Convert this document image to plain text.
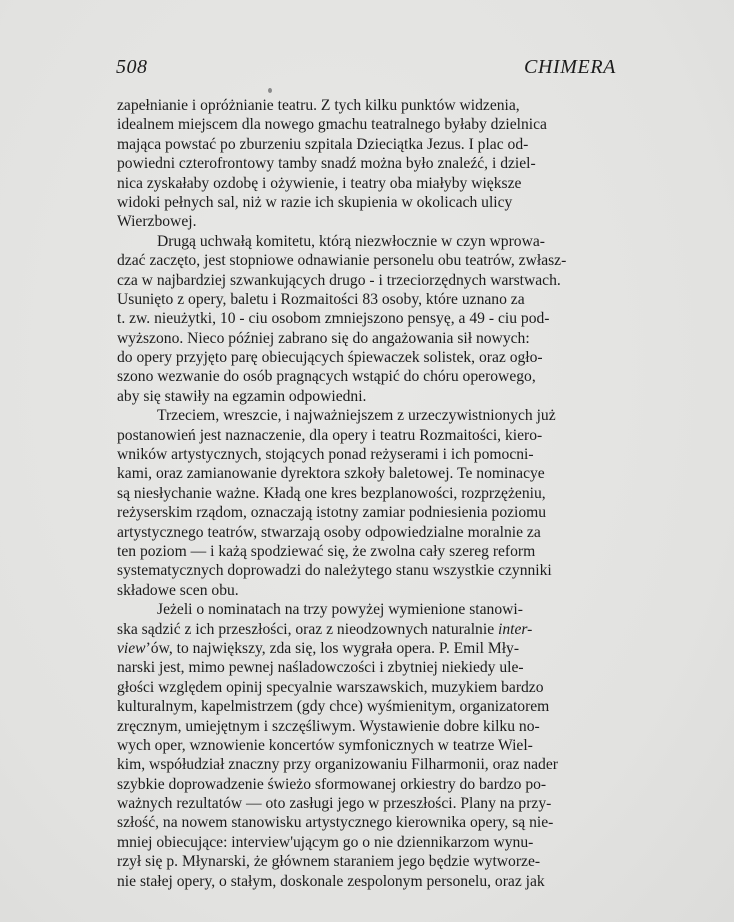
508	CHIMERA
zapełnianie i opróżnianie teatru. Z tych kilku punktów widzenia,
idealnem miejscem dla nowego gmachu teatralnego byłaby dzielnica
mająca powstać po zburzeniu szpitala Dzieciątka Jezus. I plac od-
powiedni czterofrontowy tamby snadź można było znaleźć, i dziel-
nica zyskałaby ozdobę i ożywienie, i teatry oba miałyby większe
widoki pełnych sal, niż w razie ich skupienia w okolicach ulicy
Wierzbowej.
Drugą uchwałą komitetu, którą niezwłocznie w czyn wprowa-
dzać zaczęto, jest stopniowe odnawianie personelu obu teatrów, zwłasz-
cza w najbardziej szwankujących drugo - i trzeciorzędnych warstwach.
Usunięto z opery, baletu i Rozmaitości 83 osoby, które uznano za
t. zw. nieużytki, 10 - ciu osobom zmniejszono pensyę, a 49 - ciu pod-
wyższono. Nieco później zabrano się do angażowania sił nowych:
do opery przyjęto parę obiecujących śpiewaczek solistek, oraz ogło-
szono wezwanie do osób pragnących wstąpić do chóru operowego,
aby się stawiły na egzamin odpowiedni.
Trzeciem, wreszcie, i najważniejszem z urzeczywistnionych już
postanowień jest naznaczenie, dla opery i teatru Rozmaitości, kiero-
wników artystycznych, stojących ponad reżyserami i ich pomocni-
kami, oraz zamianowanie dyrektora szkoły baletowej. Te nominacye
są niesłychanie ważne. Kładą one kres bezplanowości, rozprzężeniu,
reżyserskim rządom, oznaczają istotny zamiar podniesienia poziomu
artystycznego teatrów, stwarzają osoby odpowiedzialne moralnie za
ten poziom — i każą spodziewać się, że zwolna cały szereg reform
systematycznych doprowadzi do należytego stanu wszystkie czynniki
składowe scen obu.
Jeżeli o nominatach na trzy powyżej wymienione stanowi-
ska sądzić z ich przeszłości, oraz z nieodzownych naturalnie inter-
view’ów, to największy, zda się, los wygrała opera. P. Emil Mły-
narski jest, mimo pewnej naśladowczości i zbytniej niekiedy ule-
głości względem opinij specyalnie warszawskich, muzykiem bardzo
kulturalnym, kapelmistrzem (gdy chce) wyśmienitym, organizatorem
zręcznym, umiejętnym i szczęśliwym. Wystawienie dobre kilku no-
wych oper, wznowienie koncertów symfonicznych w teatrze Wiel-
kim, współudział znaczny przy organizowaniu Filharmonii, oraz nader
szybkie doprowadzenie świeżo sformowanej orkiestry do bardzo po-
ważnych rezultatów — oto zasługi jego w przeszłości. Plany na przy-
szłość, na nowem stanowisku artystycznego kierownika opery, są nie-
mniej obiecujące: interview'ującym go o nie dziennikarzom wynu-
rzył się p. Młynarski, że głównem staraniem jego będzie wytworze-
nie stałej opery, o stałym, doskonale zespolonym personelu, oraz jak
